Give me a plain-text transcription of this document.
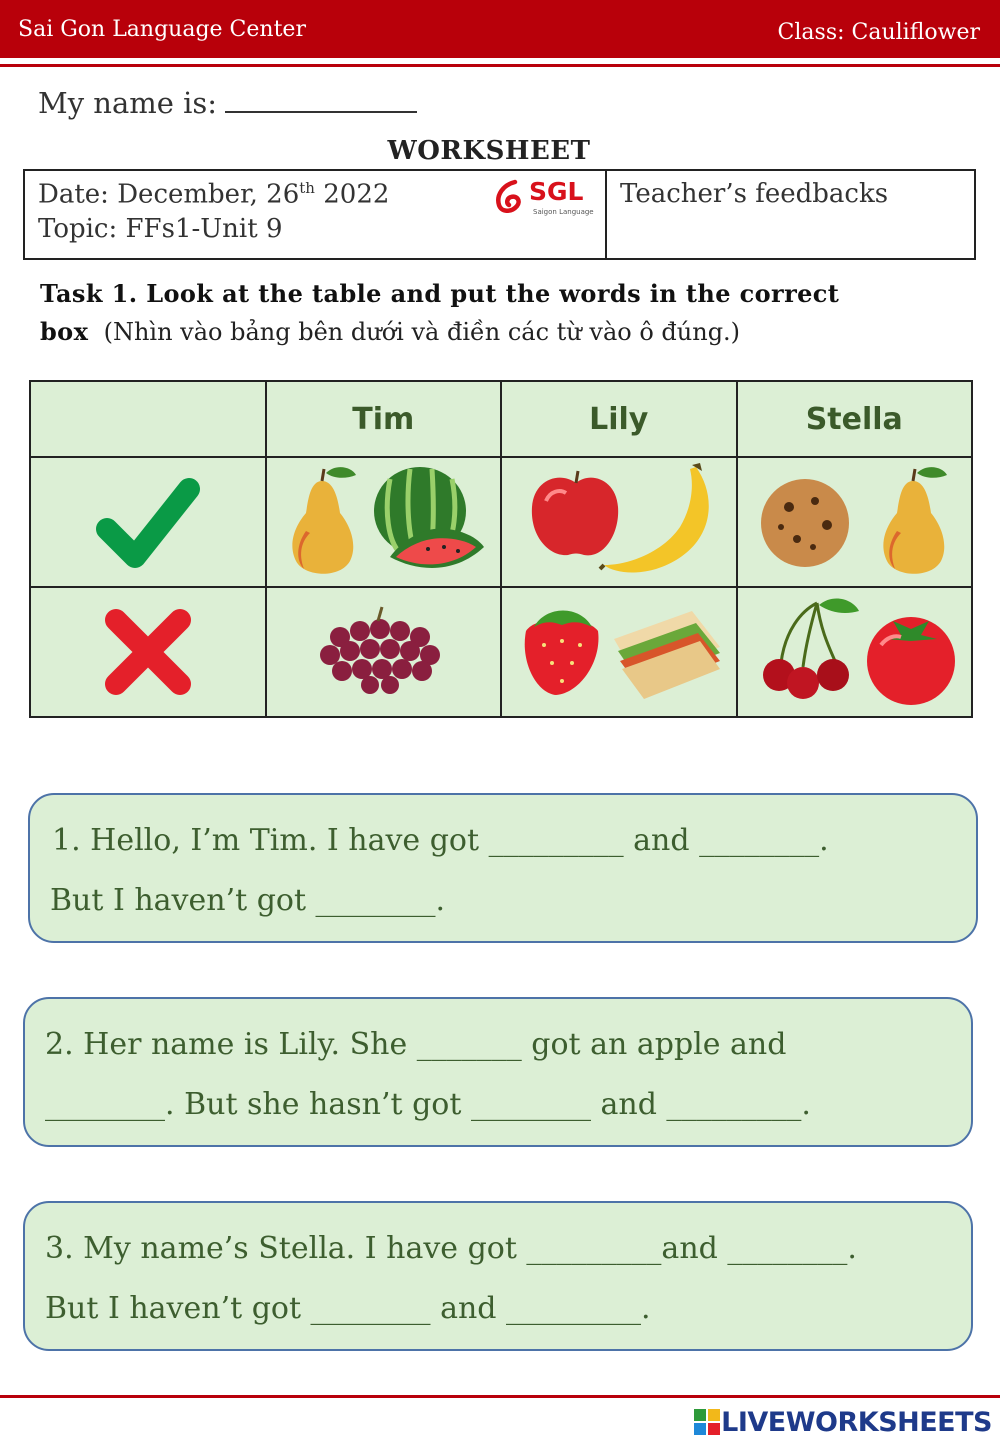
Sai Gon Language Center	Class: Cauliflower
My name is:
WORKSHEET
Date: December, 26th 2022
Topic: FFs1-Unit 9
SGL
Saigon Language
Teacher’s feedbacks
Task 1. Look at the table and put the words in the correct box (Nhìn vào bảng bên dưới và điền các từ vào ô đúng.)
	Tim	Lily	Stella

1. Hello, I’m Tim. I have got _________ and ________.
But I haven’t got ________.
2. Her name is Lily. She _______ got an apple and
________. But she hasn’t got ________ and _________.
3. My name’s Stella. I have got _________and ________.
But I haven’t got ________ and _________.
LIVEWORKSHEETS
